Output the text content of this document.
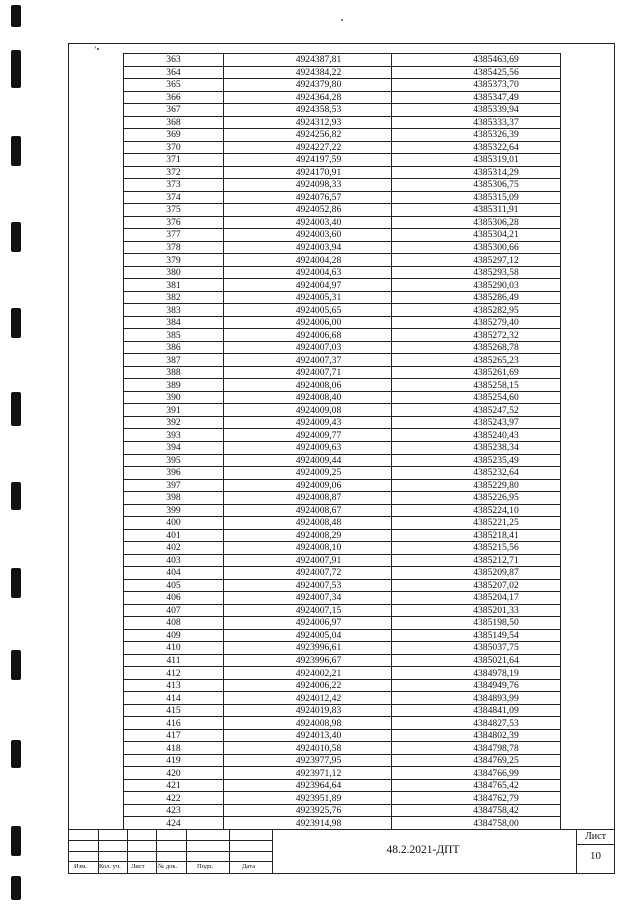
’•
363	4924387,81	4385463,69
364	4924384,22	4385425,56
365	4924379,80	4385373,70
366	4924364,28	4385347,49
367	4924358,53	4385339,94
368	4924312,93	4385333,37
369	4924256,82	4385326,39
370	4924227,22	4385322,64
371	4924197,59	4385319,01
372	4924170,91	4385314,29
373	4924098,33	4385306,75
374	4924076,57	4385315,09
375	4924052,86	4385311,91
376	4924003,40	4385306,28
377	4924003,60	4385304,21
378	4924003,94	4385300,66
379	4924004,28	4385297,12
380	4924004,63	4385293,58
381	4924004,97	4385290,03
382	4924005,31	4385286,49
383	4924005,65	4385282,95
384	4924006,00	4385279,40
385	4924006,68	4385272,32
386	4924007,03	4385268,78
387	4924007,37	4385265,23
388	4924007,71	4385261,69
389	4924008,06	4385258,15
390	4924008,40	4385254,60
391	4924009,08	4385247,52
392	4924009,43	4385243,97
393	4924009,77	4385240,43
394	4924009,63	4385238,34
395	4924009,44	4385235,49
396	4924009,25	4385232,64
397	4924009,06	4385229,80
398	4924008,87	4385226,95
399	4924008,67	4385224,10
400	4924008,48	4385221,25
401	4924008,29	4385218,41
402	4924008,10	4385215,56
403	4924007,91	4385212,71
404	4924007,72	4385209,87
405	4924007,53	4385207,02
406	4924007,34	4385204,17
407	4924007,15	4385201,33
408	4924006,97	4385198,50
409	4924005,04	4385149,54
410	4923996,61	4385037,75
411	4923996,67	4385021,64
412	4924002,21	4384978,19
413	4924006,22	4384949,76
414	4924012,42	4384893,99
415	4924019,83	4384841,09
416	4924008,98	4384827,53
417	4924013,40	4384802,39
418	4924010,58	4384798,78
419	4923977,95	4384769,25
420	4923971,12	4384766,99
421	4923964,64	4384765,42
422	4923951,89	4384762,79
423	4923925,76	4384758,42
424	4923914,98	4384758,00
Изм. Кол. уч. Лист № док.	Подп.	Дата
48.2.2021-ДПТ
Лист
10
